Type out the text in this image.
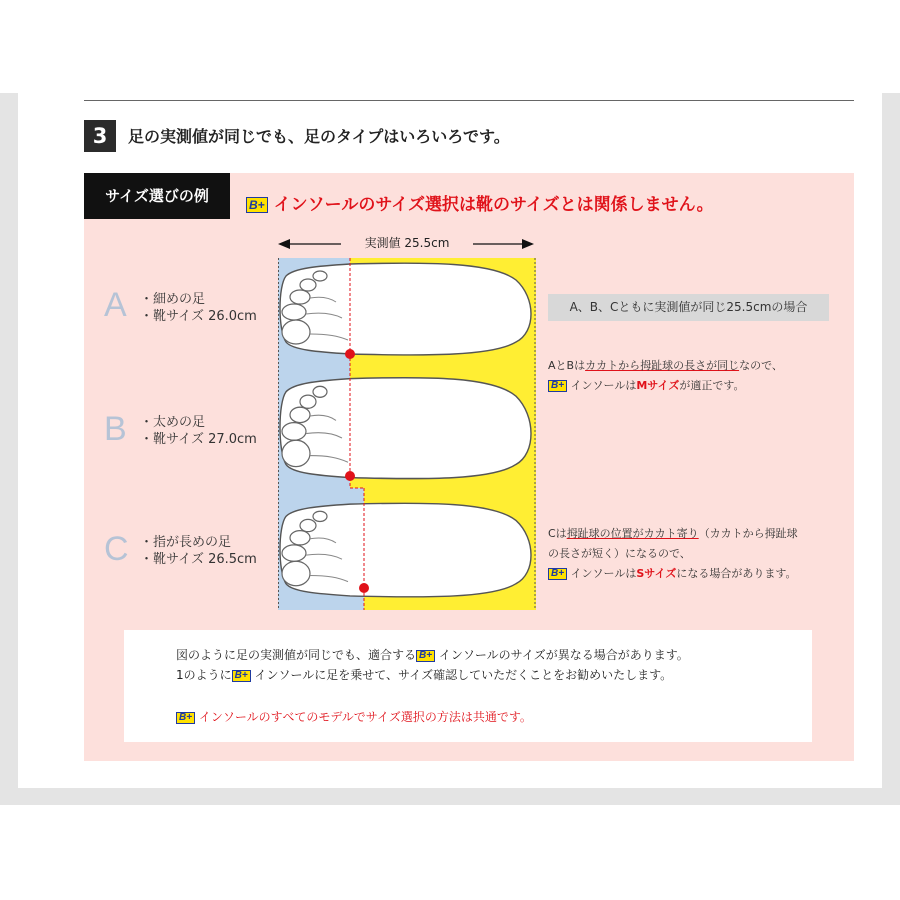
3	足の実測値が同じでも、足のタイプはいろいろです。
サイズ選びの例	B+ インソールのサイズ選択は靴のサイズとは関係しません。
実測値 25.5cm
A ・細めの足
・靴サイズ 26.0cm
B ・太めの足
・靴サイズ 27.0cm
C ・指が長めの足
・靴サイズ 26.5cm
A、B、Cともに実測値が同じ25.5cmの場合
AとBはカカトから拇趾球の長さが同じなので、
B+ インソールはMサイズが適正です。
Cは拇趾球の位置がカカト寄り（カカトから拇趾球
の長さが短く）になるので、
B+ インソールはSサイズになる場合があります。
図のように足の実測値が同じでも、適合する B+ インソールのサイズが異なる場合があります。
1のように B+ インソールに足を乗せて、サイズ確認していただくことをお勧めいたします。
B+ インソールのすべてのモデルでサイズ選択の方法は共通です。
